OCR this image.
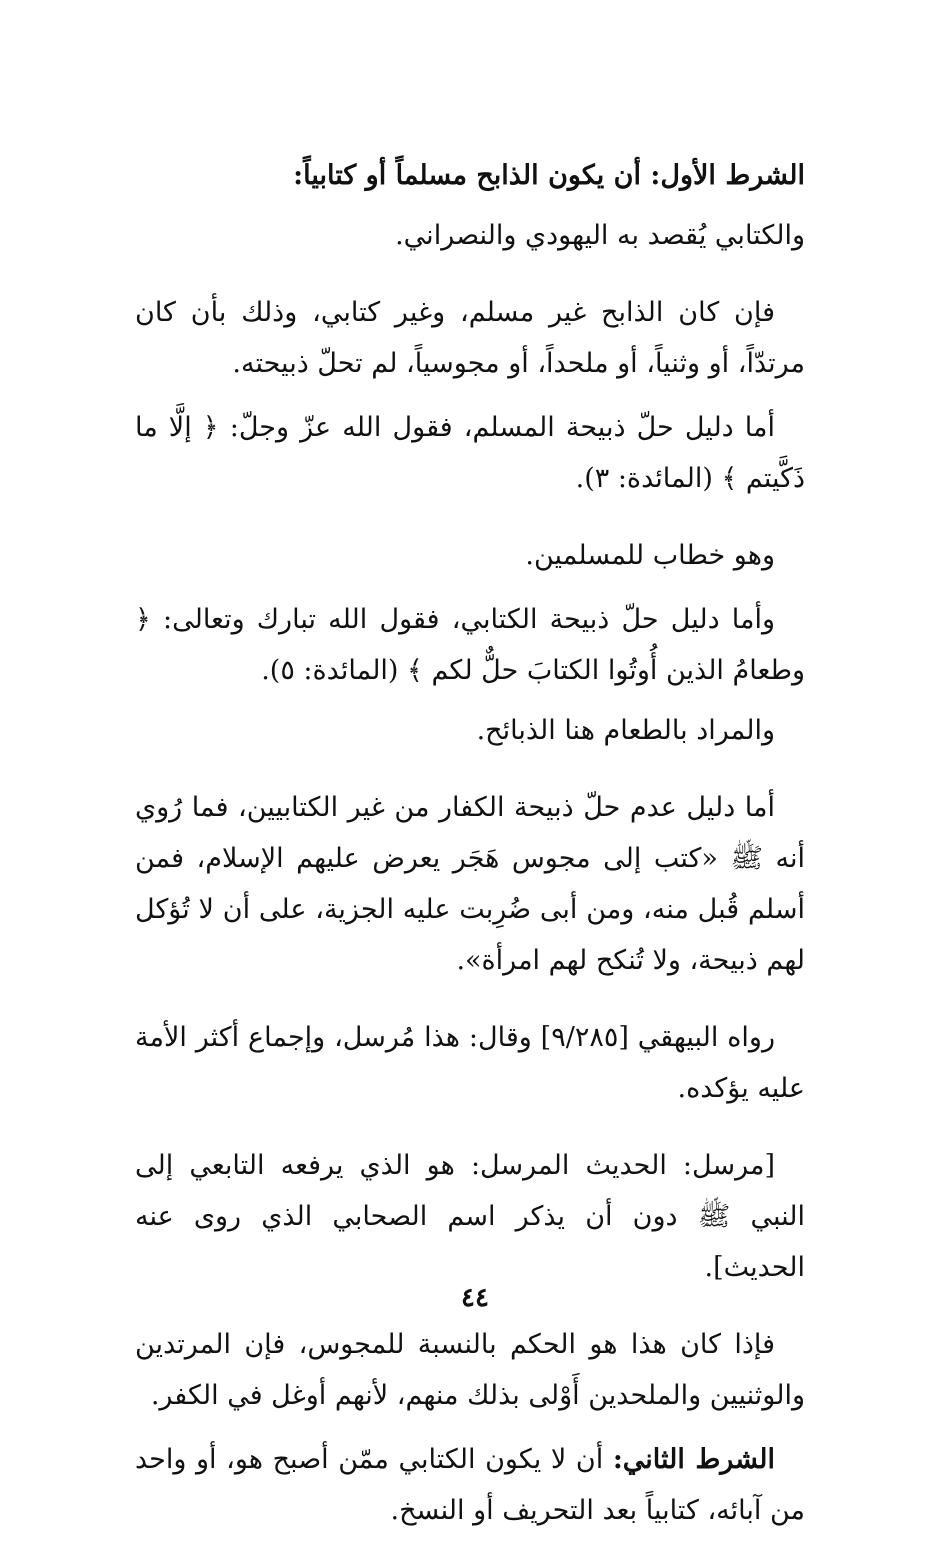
الشرط الأول: أن يكون الذابح مسلماً أو كتابياً:

والكتابي يُقصد به اليهودي والنصراني.

فإن كان الذابح غير مسلم، وغير كتابي، وذلك بأن كان مرتدّاً، أو وثنياً، أو ملحداً، أو مجوسياً، لم تحلّ ذبيحته.

أما دليل حلّ ذبيحة المسلم، فقول الله عزّ وجلّ: ﴿ إلَّا ما ذَكَّيتم ﴾ (المائدة: ٣).

وهو خطاب للمسلمين.

وأما دليل حلّ ذبيحة الكتابي، فقول الله تبارك وتعالى: ﴿ وطعامُ الذين أُوتُوا الكتابَ حلٌّ لكم ﴾ (المائدة: ٥).

والمراد بالطعام هنا الذبائح.

أما دليل عدم حلّ ذبيحة الكفار من غير الكتابيين، فما رُوي أنه ﷺ «كتب إلى مجوس هَجَر يعرض عليهم الإسلام، فمن أسلم قُبل منه، ومن أبى ضُرِبت عليه الجزية، على أن لا تُؤكل لهم ذبيحة، ولا تُنكح لهم امرأة».

رواه البيهقي [٩/٢٨٥] وقال: هذا مُرسل، وإجماع أكثر الأمة عليه يؤكده.

[مرسل: الحديث المرسل: هو الذي يرفعه التابعي إلى النبي ﷺ دون أن يذكر اسم الصحابي الذي روى عنه الحديث].

فإذا كان هذا هو الحكم بالنسبة للمجوس، فإن المرتدين والوثنيين والملحدين أَوْلى بذلك منهم، لأنهم أوغل في الكفر.

الشرط الثاني: أن لا يكون الكتابي ممّن أصبح هو، أو واحد من آبائه، كتابياً بعد التحريف أو النسخ.

٤٤
